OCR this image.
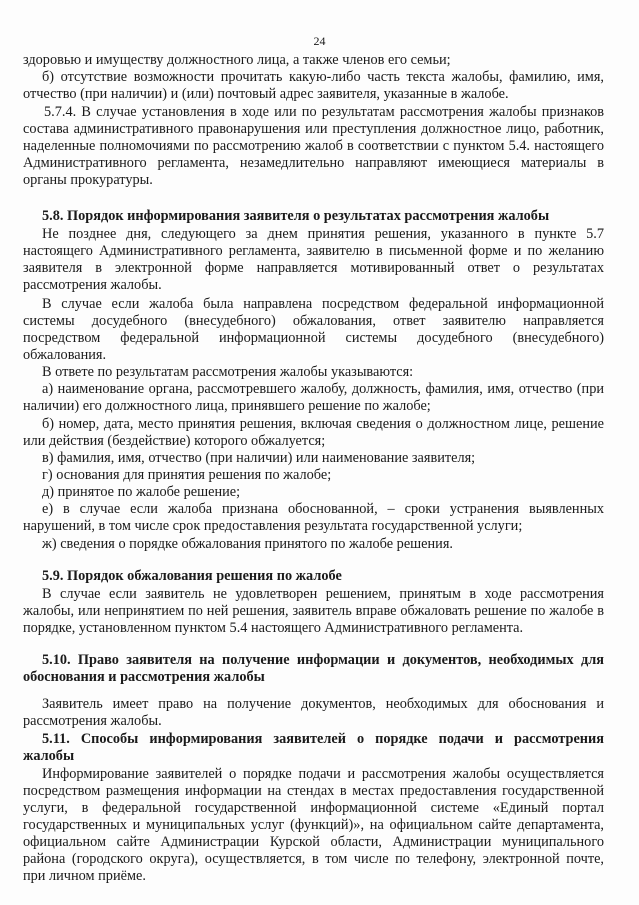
24
здоровью и имуществу должностного лица, а также членов его семьи;
б) отсутствие возможности прочитать какую-либо часть текста жалобы, фамилию, имя,
отчество (при наличии) и (или) почтовый адрес заявителя, указанные в жалобе.
5.7.4. В случае установления в ходе или по результатам рассмотрения жалобы признаков
состава административного правонарушения или преступления должностное лицо, работник,
наделенные полномочиями по рассмотрению жалоб в соответствии с пунктом 5.4. настоящего
Административного регламента, незамедлительно направляют имеющиеся материалы в
органы прокуратуры.
5.8. Порядок информирования заявителя о результатах рассмотрения жалобы
Не позднее дня, следующего за днем принятия решения, указанного в пункте 5.7
настоящего Административного регламента, заявителю в письменной форме и по желанию
заявителя в электронной форме направляется мотивированный ответ о результатах
рассмотрения жалобы.
В случае если жалоба была направлена посредством федеральной информационной
системы досудебного (внесудебного) обжалования, ответ заявителю направляется
посредством федеральной информационной системы досудебного (внесудебного)
обжалования.
В ответе по результатам рассмотрения жалобы указываются:
а) наименование органа, рассмотревшего жалобу, должность, фамилия, имя, отчество (при
наличии) его должностного лица, принявшего решение по жалобе;
б) номер, дата, место принятия решения, включая сведения о должностном лице, решение
или действия (бездействие) которого обжалуется;
в) фамилия, имя, отчество (при наличии) или наименование заявителя;
г) основания для принятия решения по жалобе;
д) принятое по жалобе решение;
е) в случае если жалоба признана обоснованной, – сроки устранения выявленных
нарушений, в том числе срок предоставления результата государственной услуги;
ж) сведения о порядке обжалования принятого по жалобе решения.
5.9. Порядок обжалования решения по жалобе
В случае если заявитель не удовлетворен решением, принятым в ходе рассмотрения
жалобы, или непринятием по ней решения, заявитель вправе обжаловать решение по жалобе в
порядке, установленном пунктом 5.4 настоящего Административного регламента.
5.10. Право заявителя на получение информации и документов, необходимых для
обоснования и рассмотрения жалобы
Заявитель имеет право на получение документов, необходимых для обоснования и
рассмотрения жалобы.
5.11. Способы информирования заявителей о порядке подачи и рассмотрения
жалобы
Информирование заявителей о порядке подачи и рассмотрения жалобы осуществляется
посредством размещения информации на стендах в местах предоставления государственной
услуги, в федеральной государственной информационной системе «Единый портал
государственных и муниципальных услуг (функций)», на официальном сайте департамента,
официальном сайте Администрации Курской области, Администрации муниципального
района (городского округа), осуществляется, в том числе по телефону, электронной почте,
при личном приёме.
